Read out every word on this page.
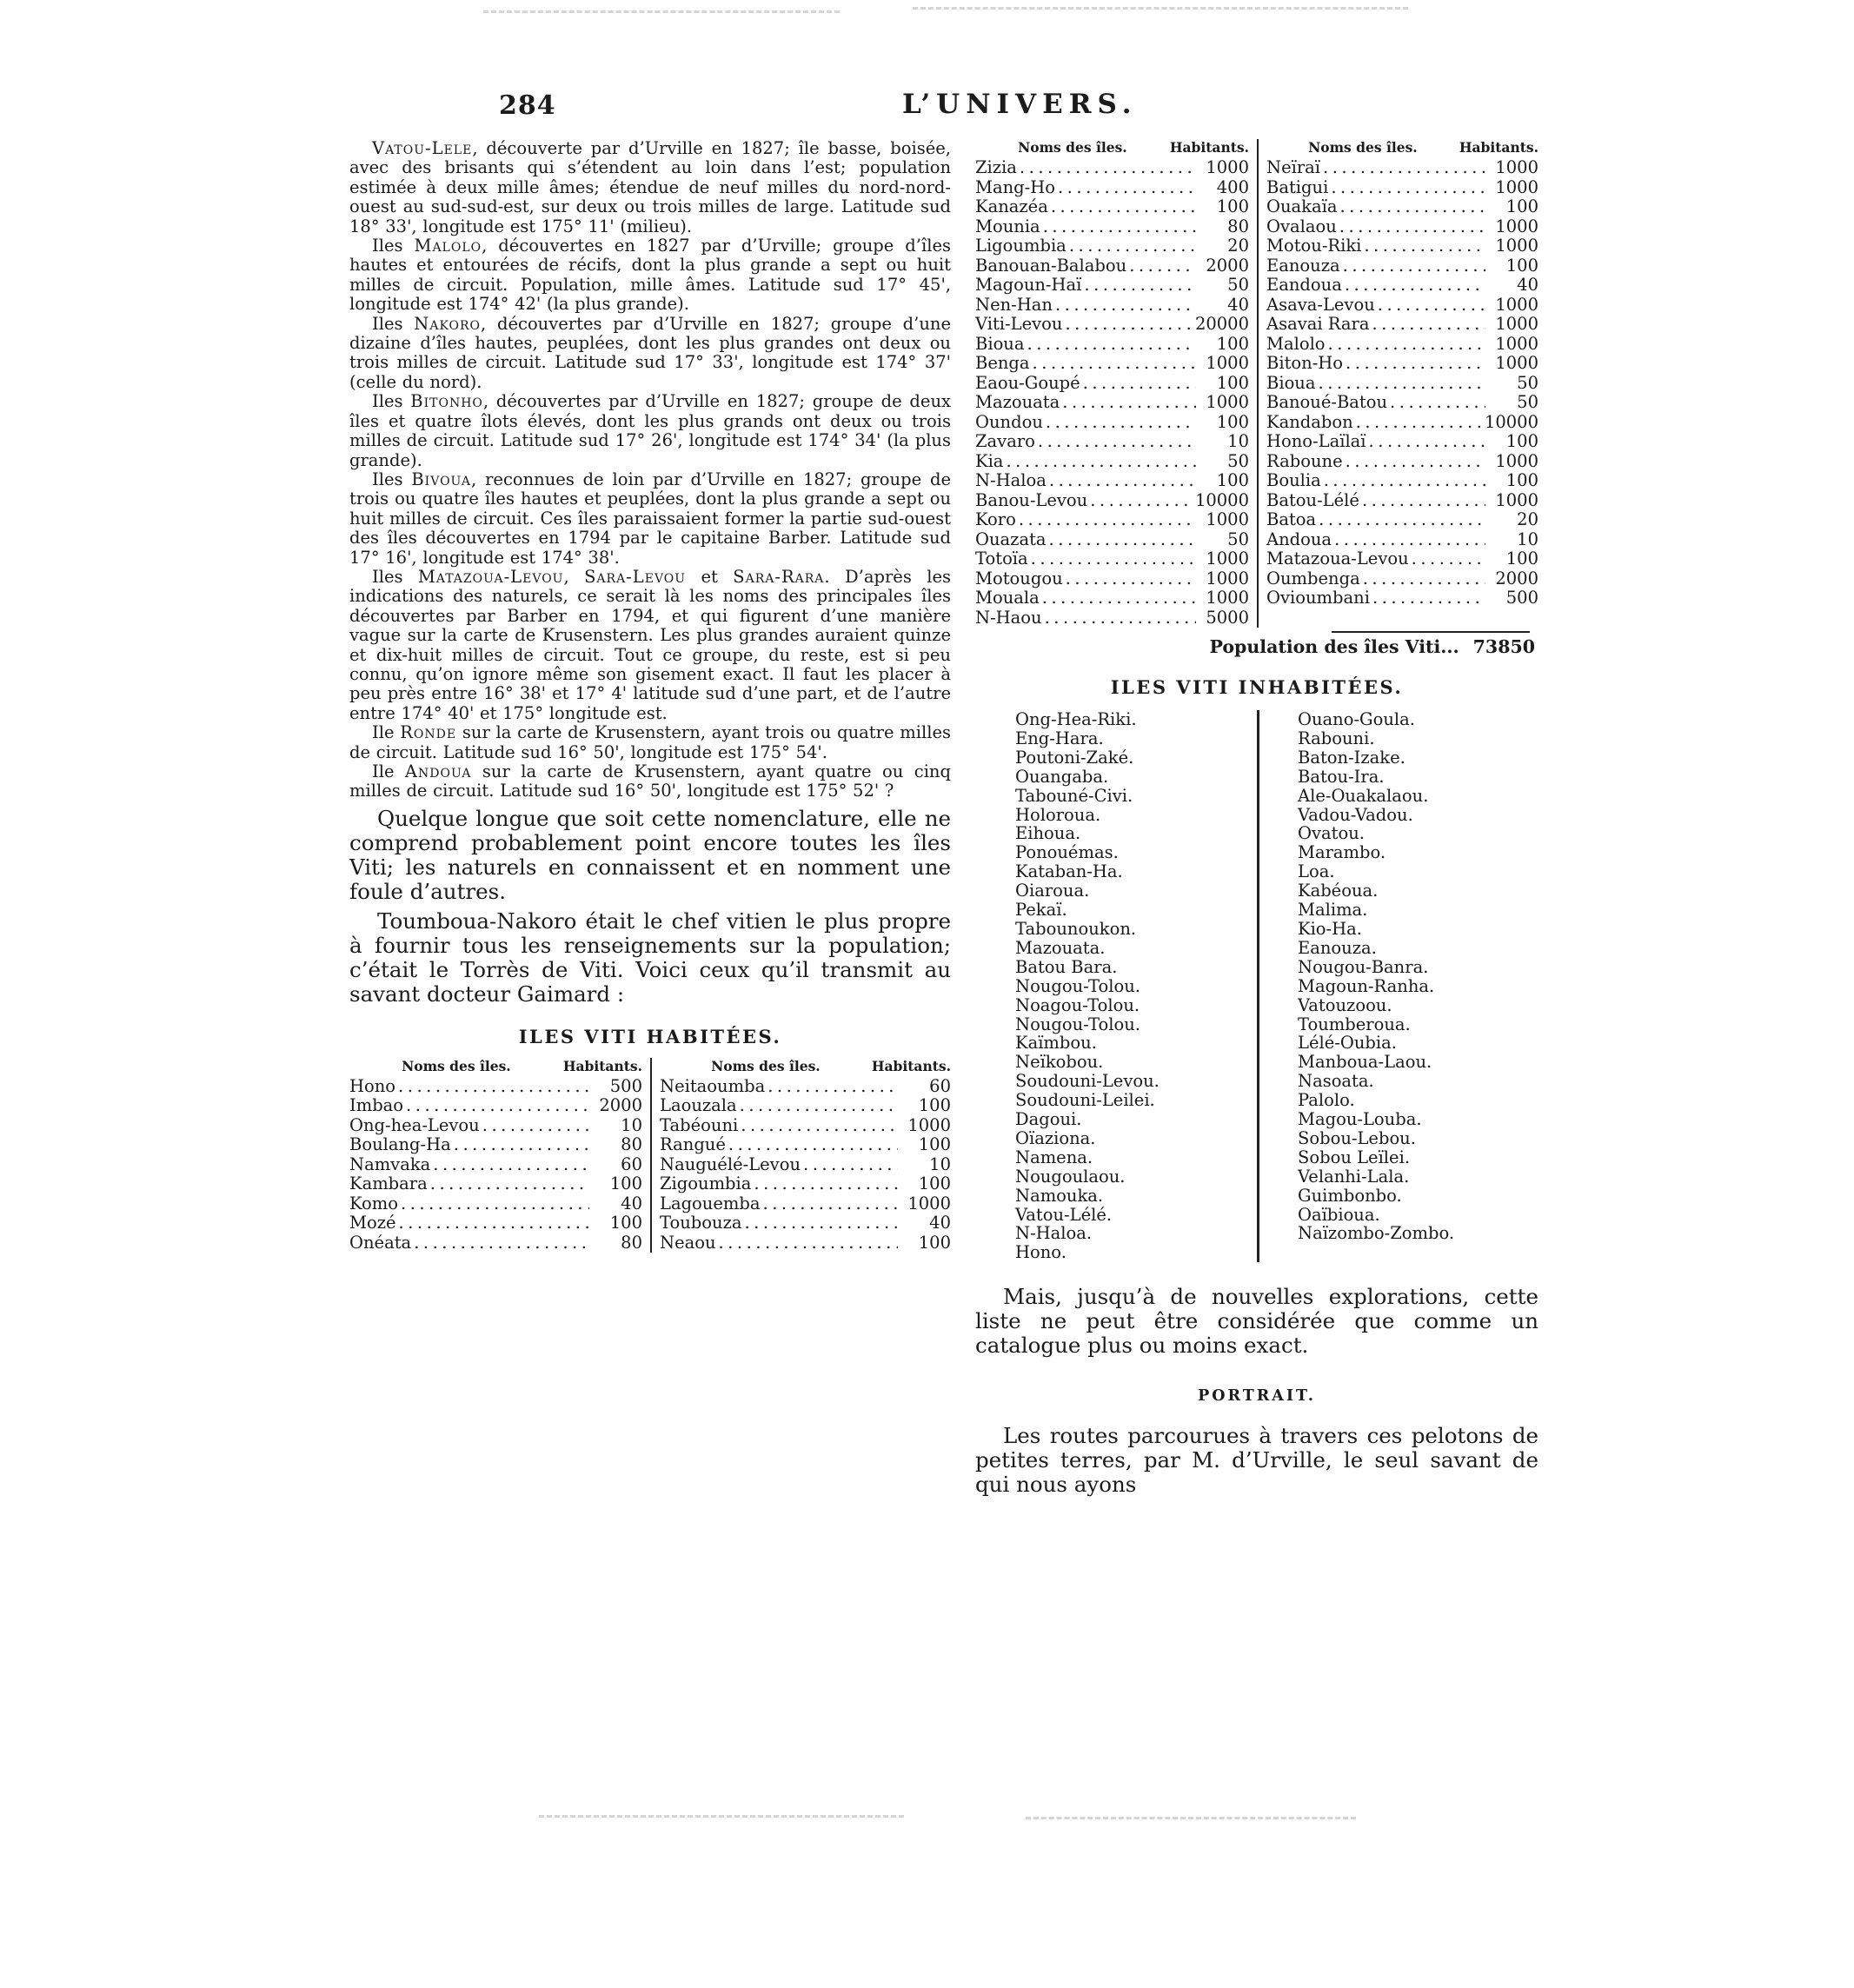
284	L’UNIVERS.

Vatou-Lele, découverte par d’Urville en 1827; île basse, boisée, avec des brisants qui s’étendent au loin dans l’est; population estimée à deux mille âmes; étendue de neuf milles du nord-nord-ouest au sud-sud-est, sur deux ou trois milles de large. Latitude sud 18° 33', longitude est 175° 11' (milieu).

Iles Malolo, découvertes en 1827 par d’Urville; groupe d’îles hautes et entourées de récifs, dont la plus grande a sept ou huit milles de circuit. Population, mille âmes. Latitude sud 17° 45', longitude est 174° 42' (la plus grande).

Iles Nakoro, découvertes par d’Urville en 1827; groupe d’une dizaine d’îles hautes, peuplées, dont les plus grandes ont deux ou trois milles de circuit. Latitude sud 17° 33', longitude est 174° 37' (celle du nord).

Iles Bitonho, découvertes par d’Urville en 1827; groupe de deux îles et quatre îlots élevés, dont les plus grands ont deux ou trois milles de circuit. Latitude sud 17° 26', longitude est 174° 34' (la plus grande).

Iles Bivoua, reconnues de loin par d’Urville en 1827; groupe de trois ou quatre îles hautes et peuplées, dont la plus grande a sept ou huit milles de circuit. Ces îles paraissaient former la partie sud-ouest des îles découvertes en 1794 par le capitaine Barber. Latitude sud 17° 16', longitude est 174° 38'.

Iles Matazoua-Levou, Sara-Levou et Sara-Rara. D’après les indications des naturels, ce serait là les noms des principales îles découvertes par Barber en 1794, et qui figurent d’une manière vague sur la carte de Krusenstern. Les plus grandes auraient quinze et dix-huit milles de circuit. Tout ce groupe, du reste, est si peu connu, qu’on ignore même son gisement exact. Il faut les placer à peu près entre 16° 38' et 17° 4' latitude sud d’une part, et de l’autre entre 174° 40' et 175° longitude est.

Ile Ronde sur la carte de Krusenstern, ayant trois ou quatre milles de circuit. Latitude sud 16° 50', longitude est 175° 54'.

Ile Andoua sur la carte de Krusenstern, ayant quatre ou cinq milles de circuit. Latitude sud 16° 50', longitude est 175° 52' ?

Quelque longue que soit cette nomenclature, elle ne comprend probablement point encore toutes les îles Viti; les naturels en connaissent et en nomment une foule d’autres.

Toumboua-Nakoro était le chef vitien le plus propre à fournir tous les renseignements sur la population; c’était le Torrès de Viti. Voici ceux qu’il transmit au savant docteur Gaimard :

ILES VITI HABITÉES.
Noms des îles.	Habitants.
Hono .....	500
Imbao .....	2000
Ong-hea-Levou .....	10
Boulang-Ha .....	80
Namvaka .....	60
Kambara .....	100
Komo .....	40
Mozé .....	100
Onéata .....	80
Noms des îles.	Habitants.
Neitaoumba .....	60
Laouzala .....	100
Tabéouni .....	1000
Rangué .....	100
Nauguélé-Levou .....	10
Zigoumbia .....	100
Lagouemba .....	1000
Toubouza .....	40
Neaou .....	100
Noms des îles.	Habitants.
Zizia .....	1000
Mang-Ho .....	400
Kanazéa .....	100
Mounia .....	80
Ligoumbia .....	20
Banouan-Balabou .....	2000
Magoun-Haï .....	50
Nen-Han .....	40
Viti-Levou .....	20000
Bioua .....	100
Benga .....	1000
Eaou-Goupé .....	100
Mazouata .....	1000
Oundou .....	100
Zavaro .....	10
Kia .....	50
N-Haloa .....	100
Banou-Levou .....	10000
Koro .....	1000
Ouazata .....	50
Totoïa .....	1000
Motougou .....	1000
Mouala .....	1000
N-Haou .....	5000
Noms des îles.	Habitants.
Neïraï .....	1000
Batigui .....	1000
Ouakaïa .....	100
Ovalaou .....	1000
Motou-Riki .....	1000
Eanouza .....	100
Eandoua .....	40
Asava-Levou .....	1000
Asavai Rara .....	1000
Malolo .....	1000
Biton-Ho .....	1000
Bioua .....	50
Banoué-Batou .....	50
Kandabon .....	10000
Hono-Laïlaï .....	100
Raboune .....	1000
Boulia .....	100
Batou-Lélé .....	1000
Batoa .....	20
Andoua .....	10
Matazoua-Levou .....	100
Oumbenga .....	2000
Ovioumbani .....	500
Population des îles Viti... 73850
ILES VITI INHABITÉES.
Ong-Hea-Riki.
Eng-Hara.
Poutoni-Zaké.
Ouangaba.
Tabouné-Civi.
Holoroua.
Eihoua.
Ponouémas.
Kataban-Ha.
Oiaroua.
Pekaï.
Tabounoukon.
Mazouata.
Batou Bara.
Nougou-Tolou.
Noagou-Tolou.
Nougou-Tolou.
Kaïmbou.
Neïkobou.
Soudouni-Levou.
Soudouni-Leilei.
Dagoui.
Oïaziona.
Namena.
Nougoulaou.
Namouka.
Vatou-Lélé.
N-Haloa.
Hono.
Ouano-Goula.
Rabouni.
Baton-Izake.
Batou-Ira.
Ale-Ouakalaou.
Vadou-Vadou.
Ovatou.
Marambo.
Loa.
Kabéoua.
Malima.
Kio-Ha.
Eanouza.
Nougou-Banra.
Magoun-Ranha.
Vatouzoou.
Toumberoua.
Lélé-Oubia.
Manboua-Laou.
Nasoata.
Palolo.
Magou-Louba.
Sobou-Lebou.
Sobou Leïlei.
Velanhi-Lala.
Guimbonbo.
Oaïbioua.
Naïzombo-Zombo.

Mais, jusqu’à de nouvelles explorations, cette liste ne peut être considérée que comme un catalogue plus ou moins exact.

PORTRAIT.

Les routes parcourues à travers ces pelotons de petites terres, par M. d’Urville, le seul savant de qui nous ayons
